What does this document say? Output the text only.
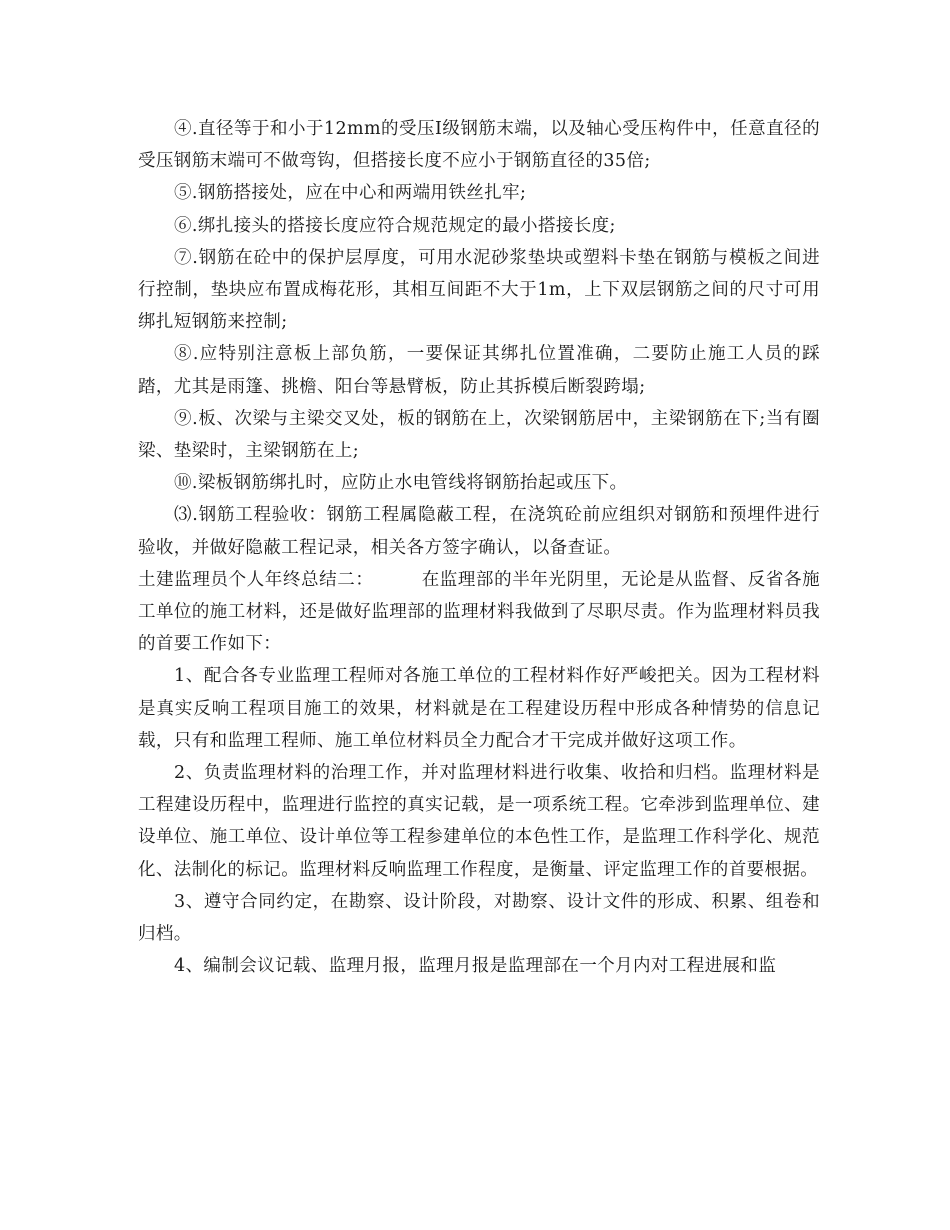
④.直径等于和小于12mm的受压Ⅰ级钢筋末端，以及轴心受压构件中，任意直径的受压钢筋末端可不做弯钩，但搭接长度不应小于钢筋直径的35倍;

⑤.钢筋搭接处，应在中心和两端用铁丝扎牢;

⑥.绑扎接头的搭接长度应符合规范规定的最小搭接长度;

⑦.钢筋在砼中的保护层厚度，可用水泥砂浆垫块或塑料卡垫在钢筋与模板之间进行控制，垫块应布置成梅花形，其相互间距不大于1m，上下双层钢筋之间的尺寸可用绑扎短钢筋来控制;

⑧.应特别注意板上部负筋，一要保证其绑扎位置准确，二要防止施工人员的踩踏，尤其是雨篷、挑檐、阳台等悬臂板，防止其拆模后断裂跨塌;

⑨.板、次梁与主梁交叉处，板的钢筋在上，次梁钢筋居中，主梁钢筋在下;当有圈梁、垫梁时，主梁钢筋在上;

⑩.梁板钢筋绑扎时，应防止水电管线将钢筋抬起或压下。

⑶.钢筋工程验收：钢筋工程属隐蔽工程，在浇筑砼前应组织对钢筋和预埋件进行验收，并做好隐蔽工程记录，相关各方签字确认，以备查证。

土建监理员个人年终总结二：	在监理部的半年光阴里，无论是从监督、反省各施工单位的施工材料，还是做好监理部的监理材料我做到了尽职尽责。作为监理材料员我的首要工作如下：

1、配合各专业监理工程师对各施工单位的工程材料作好严峻把关。因为工程材料是真实反响工程项目施工的效果，材料就是在工程建设历程中形成各种情势的信息记载，只有和监理工程师、施工单位材料员全力配合才干完成并做好这项工作。

2、负责监理材料的治理工作，并对监理材料进行收集、收拾和归档。监理材料是工程建设历程中，监理进行监控的真实记载，是一项系统工程。它牵涉到监理单位、建设单位、施工单位、设计单位等工程参建单位的本色性工作，是监理工作科学化、规范化、法制化的标记。监理材料反响监理工作程度，是衡量、评定监理工作的首要根据。

3、遵守合同约定，在勘察、设计阶段，对勘察、设计文件的形成、积累、组卷和归档。

4、编制会议记载、监理月报，监理月报是监理部在一个月内对工程进展和监
